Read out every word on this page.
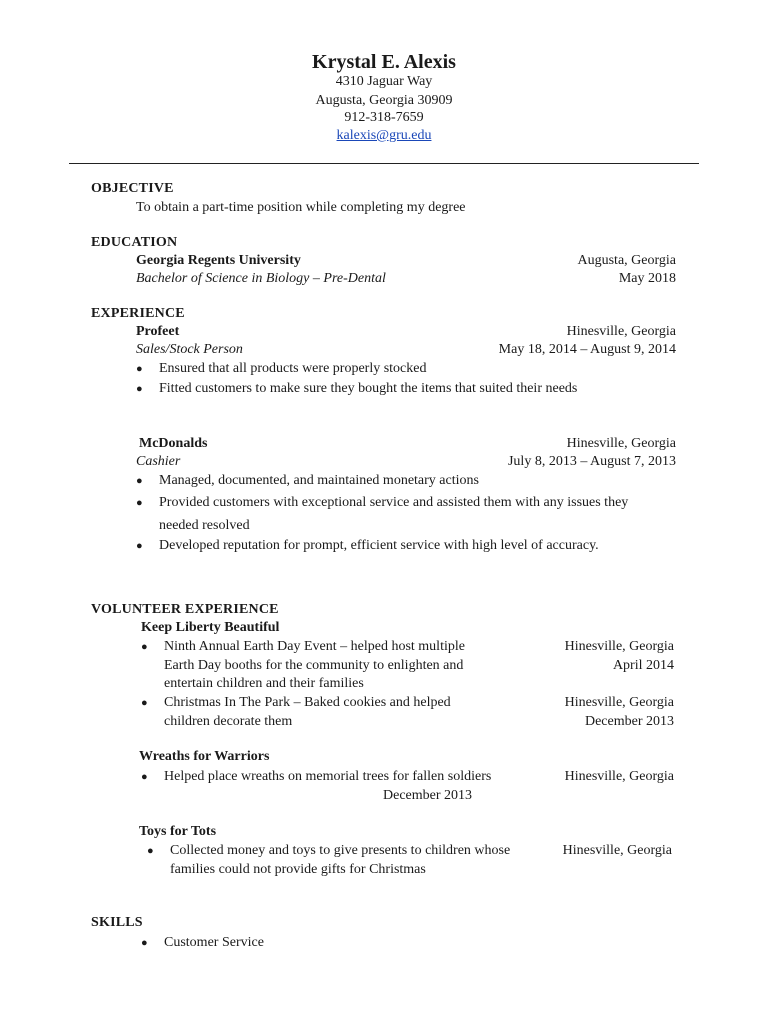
Krystal E. Alexis
4310 Jaguar Way
Augusta, Georgia 30909
912-318-7659
kalexis@gru.edu
OBJECTIVE
To obtain a part-time position while completing my degree
EDUCATION
Georgia Regents University	Augusta, Georgia
Bachelor of Science in Biology – Pre-Dental	May 2018
EXPERIENCE
Profeet	Hinesville, Georgia
Sales/Stock Person	May 18, 2014 – August 9, 2014
● Ensured that all products were properly stocked
● Fitted customers to make sure they bought the items that suited their needs
McDonalds	Hinesville, Georgia
Cashier	July 8, 2013 – August 7, 2013
● Managed, documented, and maintained monetary actions
● Provided customers with exceptional service and assisted them with any issues they
needed resolved
● Developed reputation for prompt, efficient service with high level of accuracy.
VOLUNTEER EXPERIENCE
Keep Liberty Beautiful
● Ninth Annual Earth Day Event – helped host multiple	Hinesville, Georgia
Earth Day booths for the community to enlighten and	April 2014
entertain children and their families
● Christmas In The Park – Baked cookies and helped	Hinesville, Georgia
children decorate them	December 2013
Wreaths for Warriors
● Helped place wreaths on memorial trees for fallen soldiers	Hinesville, Georgia
December 2013
Toys for Tots
● Collected money and toys to give presents to children whose	Hinesville, Georgia
families could not provide gifts for Christmas
SKILLS
● Customer Service
